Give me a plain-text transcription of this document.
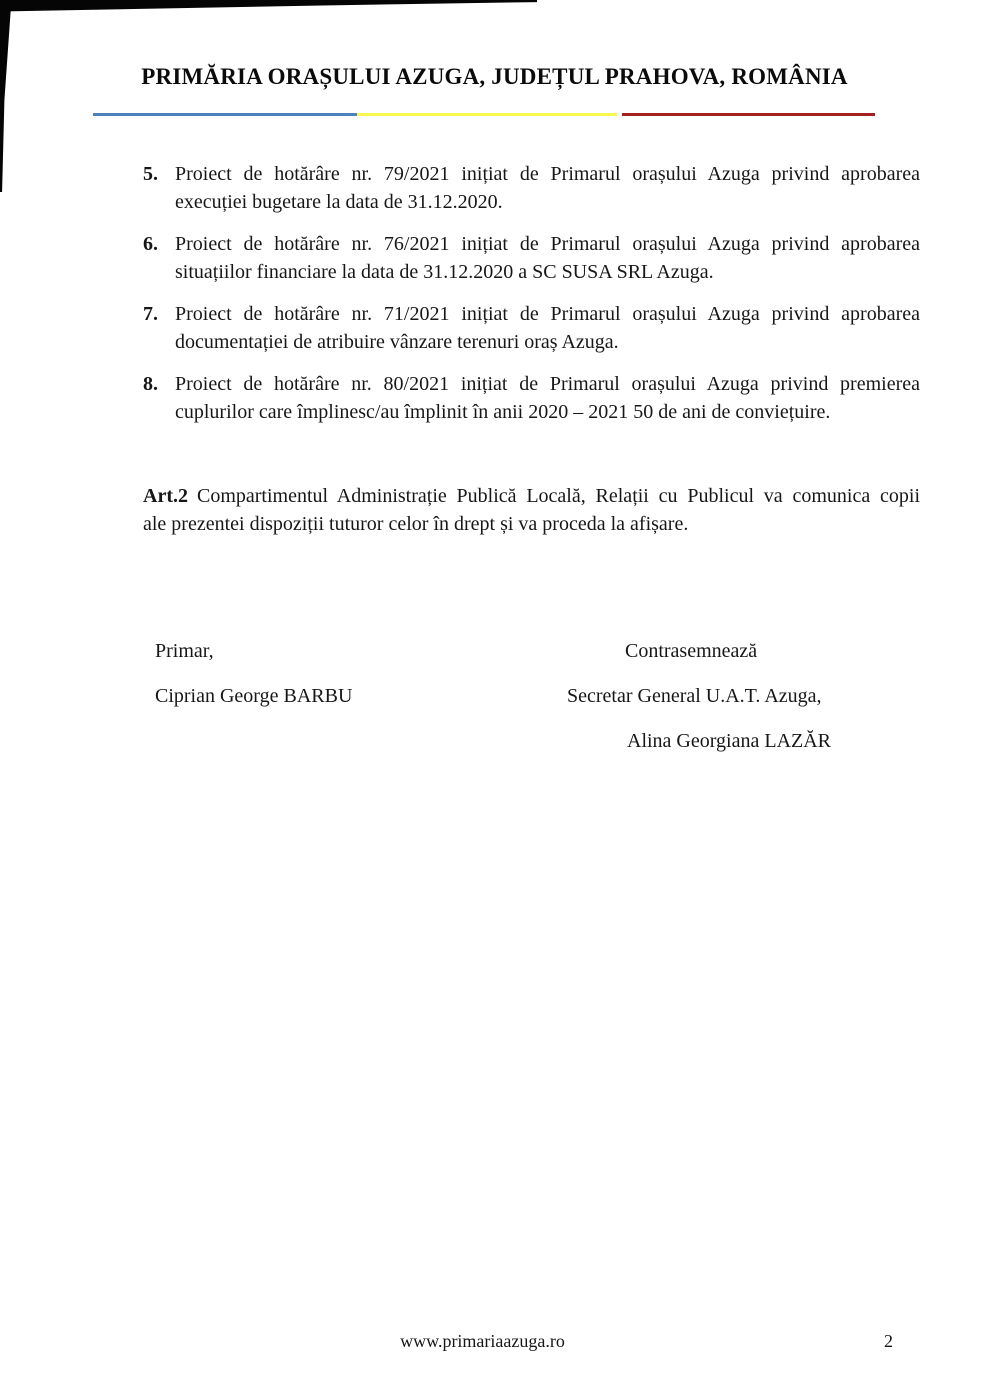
PRIMĂRIA ORAȘULUI AZUGA, JUDEȚUL PRAHOVA, ROMÂNIA
5. Proiect de hotărâre nr. 79/2021 inițiat de Primarul orașului Azuga privind aprobarea
execuției bugetare la data de 31.12.2020.
6. Proiect de hotărâre nr. 76/2021 inițiat de Primarul orașului Azuga privind aprobarea
situațiilor financiare la data de 31.12.2020 a SC SUSA SRL Azuga.
7. Proiect de hotărâre nr. 71/2021 inițiat de Primarul orașului Azuga privind aprobarea
documentației de atribuire vânzare terenuri oraș Azuga.
8. Proiect de hotărâre nr. 80/2021 inițiat de Primarul orașului Azuga privind premierea
cuplurilor care împlinesc/au împlinit în anii 2020 – 2021 50 de ani de conviețuire.
Art.2 Compartimentul Administrație Publică Locală, Relații cu Publicul va comunica copii
ale prezentei dispoziții tuturor celor în drept și va proceda la afișare.
Primar,
Ciprian George BARBU
Contrasemnează
Secretar General U.A.T. Azuga,
Alina Georgiana LAZĂR
www.primariaazuga.ro	2
